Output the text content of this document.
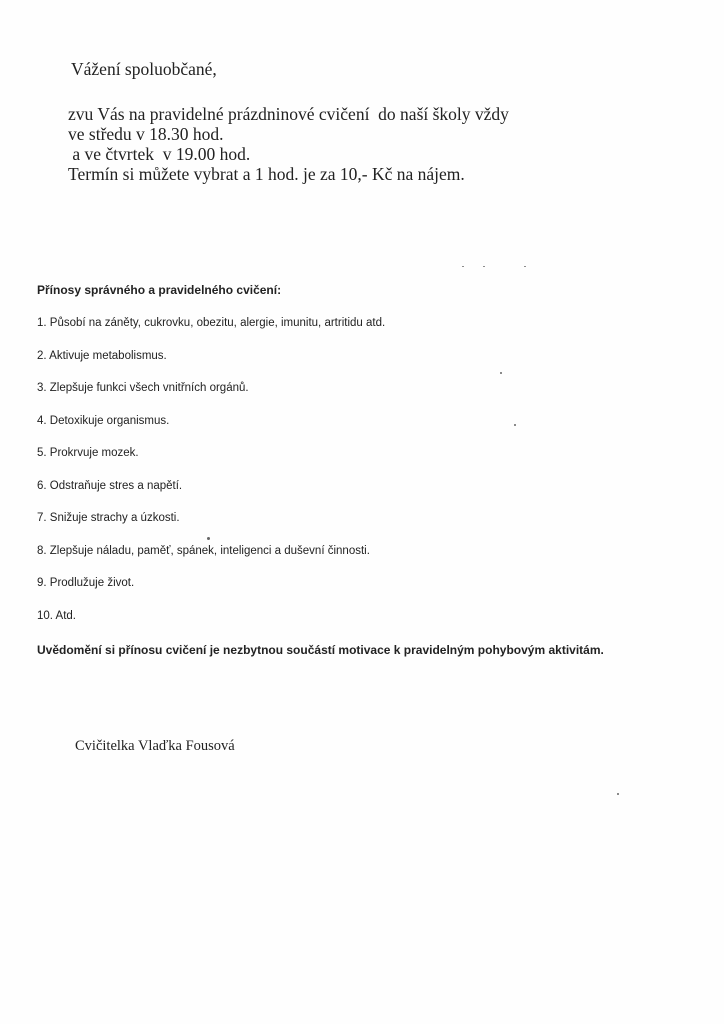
Vážení spoluobčané,
zvu Vás na pravidelné prázdninové cvičení  do naší školy vždy
ve středu v 18.30 hod.
a ve čtvrtek  v 19.00 hod.
Termín si můžete vybrat a 1 hod. je za 10,- Kč na nájem.
Přínosy správného a pravidelného cvičení:
1. Působí na záněty, cukrovku, obezitu, alergie, imunitu, artritidu atd.
2. Aktivuje metabolismus.
3. Zlepšuje funkci všech vnitřních orgánů.
4. Detoxikuje organismus.
5. Prokrvuje mozek.
6. Odstraňuje stres a napětí.
7. Snižuje strachy a úzkosti.
8. Zlepšuje náladu, paměť, spánek, inteligenci a duševní činnosti.
9. Prodlužuje život.
10. Atd.
Uvědomění si přínosu cvičení je nezbytnou součástí motivace k pravidelným pohybovým aktivitám.
Cvičitelka Vlaďka Fousová
